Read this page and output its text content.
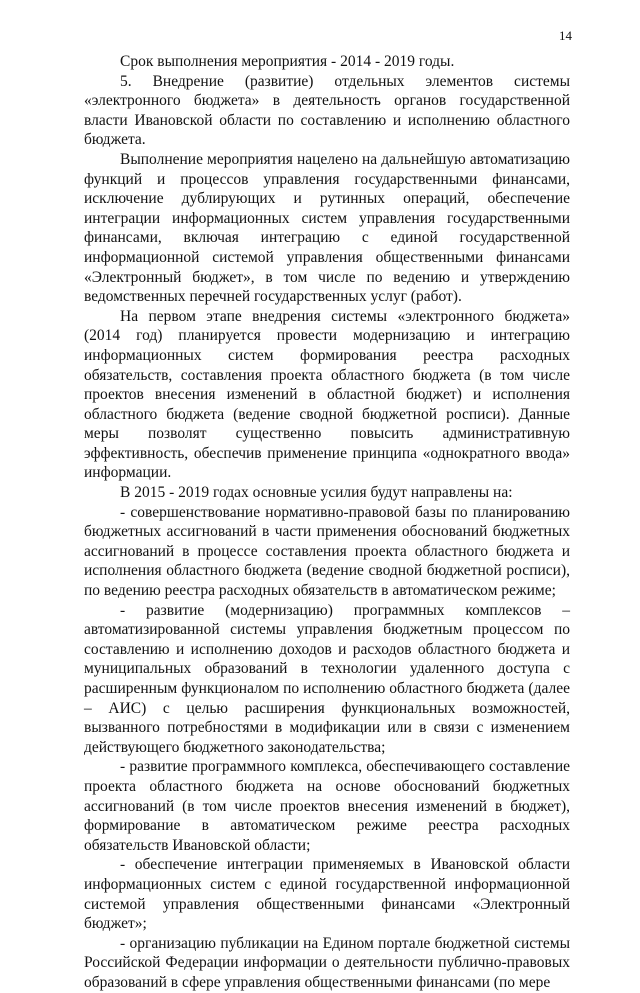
14

Срок выполнения мероприятия - 2014 - 2019 годы.

5. Внедрение (развитие) отдельных элементов системы «электронного бюджета» в деятельность органов государственной власти Ивановской области по составлению и исполнению областного бюджета.

Выполнение мероприятия нацелено на дальнейшую автоматизацию функций и процессов управления государственными финансами, исключение дублирующих и рутинных операций, обеспечение интеграции информационных систем управления государственными финансами, включая интеграцию с единой государственной информационной системой управления общественными финансами «Электронный бюджет», в том числе по ведению и утверждению ведомственных перечней государственных услуг (работ).

На первом этапе внедрения системы «электронного бюджета» (2014 год) планируется провести модернизацию и интеграцию информационных систем формирования реестра расходных обязательств, составления проекта областного бюджета (в том числе проектов внесения изменений в областной бюджет) и исполнения областного бюджета (ведение сводной бюджетной росписи). Данные меры позволят существенно повысить административную эффективность, обеспечив применение принципа «однократного ввода» информации.

В 2015 - 2019 годах основные усилия будут направлены на:

- совершенствование нормативно-правовой базы по планированию бюджетных ассигнований в части применения обоснований бюджетных ассигнований в процессе составления проекта областного бюджета и исполнения областного бюджета (ведение сводной бюджетной росписи), по ведению реестра расходных обязательств в автоматическом режиме;

- развитие (модернизацию) программных комплексов – автоматизированной системы управления бюджетным процессом по составлению и исполнению доходов и расходов областного бюджета и муниципальных образований в технологии удаленного доступа с расширенным функционалом по исполнению областного бюджета (далее – АИС) с целью расширения функциональных возможностей, вызванного потребностями в модификации или в связи с изменением действующего бюджетного законодательства;

- развитие программного комплекса, обеспечивающего составление проекта областного бюджета на основе обоснований бюджетных ассигнований (в том числе проектов внесения изменений в бюджет), формирование в автоматическом режиме реестра расходных обязательств Ивановской области;

- обеспечение интеграции применяемых в Ивановской области информационных систем с единой государственной информационной системой управления общественными финансами «Электронный бюджет»;

- организацию публикации на Едином портале бюджетной системы Российской Федерации информации о деятельности публично-правовых образований в сфере управления общественными финансами (по мере
